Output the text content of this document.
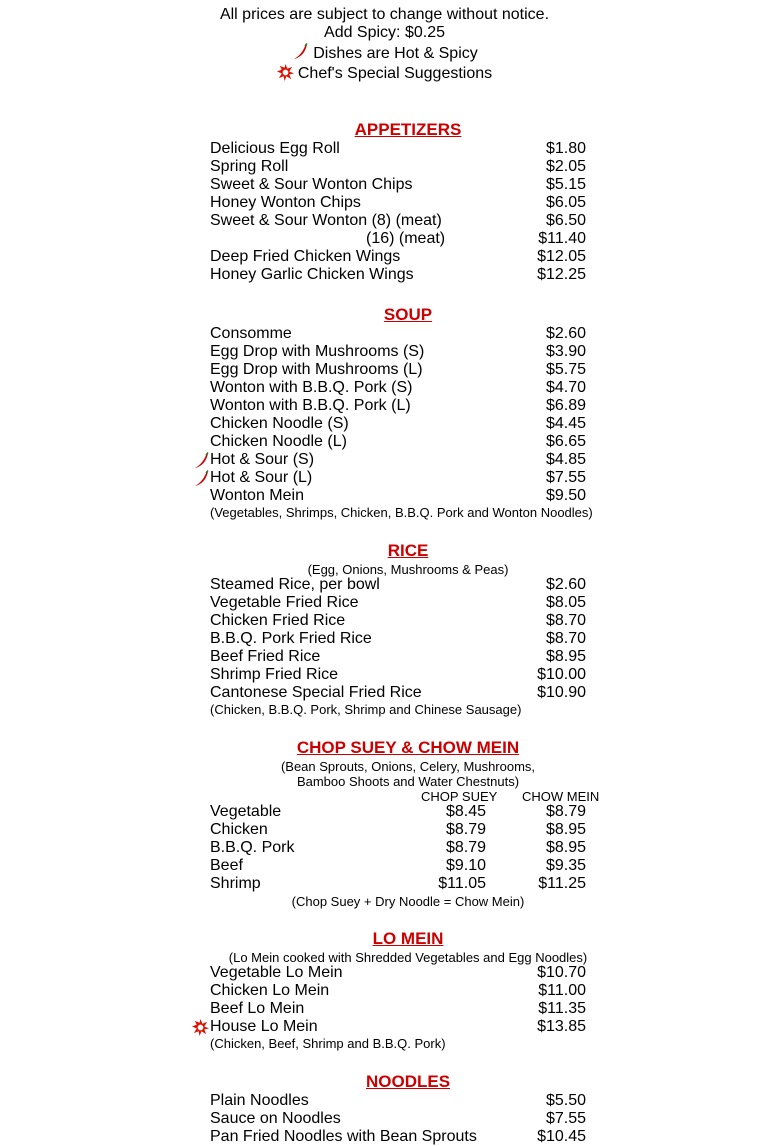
All prices are subject to change without notice.
Add Spicy: $0.25
Dishes are Hot & Spicy
Chef's Special Suggestions
APPETIZERS
Delicious Egg Roll	$1.80
Spring Roll	$2.05
Sweet & Sour Wonton Chips	$5.15
Honey Wonton Chips	$6.05
Sweet & Sour Wonton (8) (meat)	$6.50
(16) (meat)	$11.40
Deep Fried Chicken Wings	$12.05
Honey Garlic Chicken Wings	$12.25
SOUP
Consomme	$2.60
Egg Drop with Mushrooms (S)	$3.90
Egg Drop with Mushrooms (L)	$5.75
Wonton with B.B.Q. Pork (S)	$4.70
Wonton with B.B.Q. Pork (L)	$6.89
Chicken Noodle (S)	$4.45
Chicken Noodle (L)	$6.65
Hot & Sour (S)	$4.85
Hot & Sour (L)	$7.55
Wonton Mein	$9.50
(Vegetables, Shrimps, Chicken, B.B.Q. Pork and Wonton Noodles)
RICE
(Egg, Onions, Mushrooms & Peas)
Steamed Rice, per bowl	$2.60
Vegetable Fried Rice	$8.05
Chicken Fried Rice	$8.70
B.B.Q. Pork Fried Rice	$8.70
Beef Fried Rice	$8.95
Shrimp Fried Rice	$10.00
Cantonese Special Fried Rice	$10.90
(Chicken, B.B.Q. Pork, Shrimp and Chinese Sausage)
CHOP SUEY & CHOW MEIN
(Bean Sprouts, Onions, Celery, Mushrooms,
Bamboo Shoots and Water Chestnuts)
CHOP SUEY CHOW MEIN
Vegetable	$8.45	$8.79
Chicken	$8.79	$8.95
B.B.Q. Pork	$8.79	$8.95
Beef	$9.10	$9.35
Shrimp	$11.05	$11.25
(Chop Suey + Dry Noodle = Chow Mein)
LO MEIN
(Lo Mein cooked with Shredded Vegetables and Egg Noodles)
Vegetable Lo Mein	$10.70
Chicken Lo Mein	$11.00
Beef Lo Mein	$11.35
House Lo Mein	$13.85
(Chicken, Beef, Shrimp and B.B.Q. Pork)
NOODLES
Plain Noodles	$5.50
Sauce on Noodles	$7.55
Pan Fried Noodles with Bean Sprouts	$10.45
